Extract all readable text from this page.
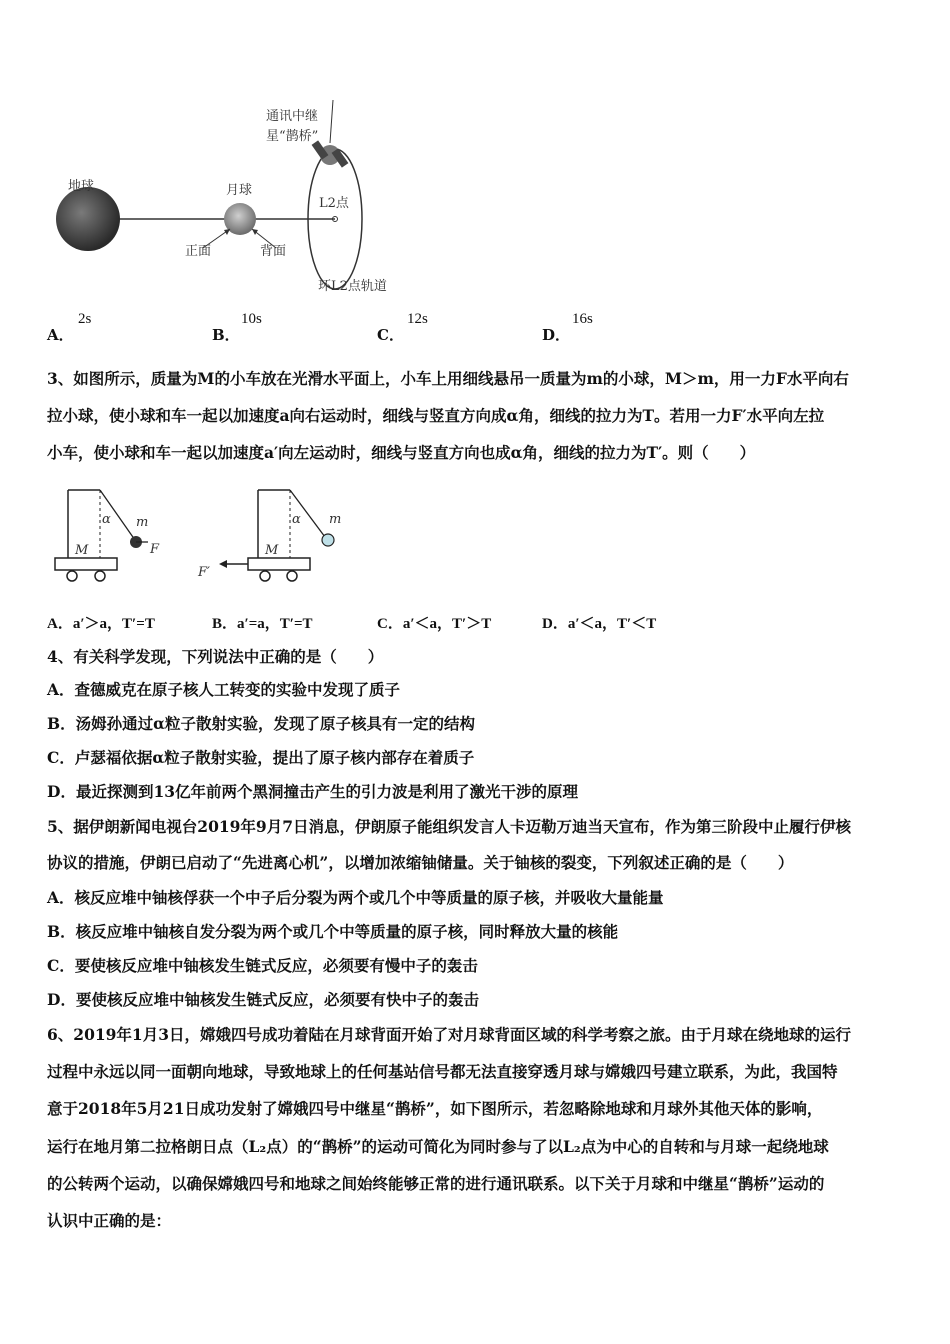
通讯中继
星“鹊桥”
地球	月球
L2点
正面	背面
环L2点轨道
A．
2s
B．
10s
C．
12s
D．
16s
3、如图所示，质量为M的小车放在光滑水平面上，小车上用细线悬吊一质量为m的小球，M＞m，用一力F水平向右
拉小球，使小球和车一起以加速度a向右运动时，细线与竖直方向成α角，细线的拉力为T。若用一力F′水平向左拉
小车，使小球和车一起以加速度a′向左运动时，细线与竖直方向也成α角，细线的拉力为T′。则（　　）
α m
M	F
α m
M
F′
A．a′＞a，T′=T	B．a′=a，T′=T	C．a′＜a，T′＞T	D．a′＜a，T′＜T
4、有关科学发现，下列说法中正确的是（　　）
A．查德威克在原子核人工转变的实验中发现了质子
B．汤姆孙通过α粒子散射实验，发现了原子核具有一定的结构
C．卢瑟福依据α粒子散射实验，提出了原子核内部存在着质子
D．最近探测到13亿年前两个黑洞撞击产生的引力波是利用了激光干涉的原理
5、据伊朗新闻电视台2019年9月7日消息，伊朗原子能组织发言人卡迈勒万迪当天宣布，作为第三阶段中止履行伊核
协议的措施，伊朗已启动了“先进离心机”，以增加浓缩铀储量。关于铀核的裂变，下列叙述正确的是（　　）
A．核反应堆中铀核俘获一个中子后分裂为两个或几个中等质量的原子核，并吸收大量能量
B．核反应堆中铀核自发分裂为两个或几个中等质量的原子核，同时释放大量的核能
C．要使核反应堆中铀核发生链式反应，必须要有慢中子的轰击
D．要使核反应堆中铀核发生链式反应，必须要有快中子的轰击
6、2019年1月3日，嫦娥四号成功着陆在月球背面开始了对月球背面区域的科学考察之旅。由于月球在绕地球的运行
过程中永远以同一面朝向地球，导致地球上的任何基站信号都无法直接穿透月球与嫦娥四号建立联系，为此，我国特
意于2018年5月21日成功发射了嫦娥四号中继星“鹊桥”，如下图所示，若忽略除地球和月球外其他天体的影响，
运行在地月第二拉格朗日点（L₂点）的“鹊桥”的运动可简化为同时参与了以L₂点为中心的自转和与月球一起绕地球
的公转两个运动，以确保嫦娥四号和地球之间始终能够正常的进行通讯联系。以下关于月球和中继星“鹊桥”运动的
认识中正确的是：
